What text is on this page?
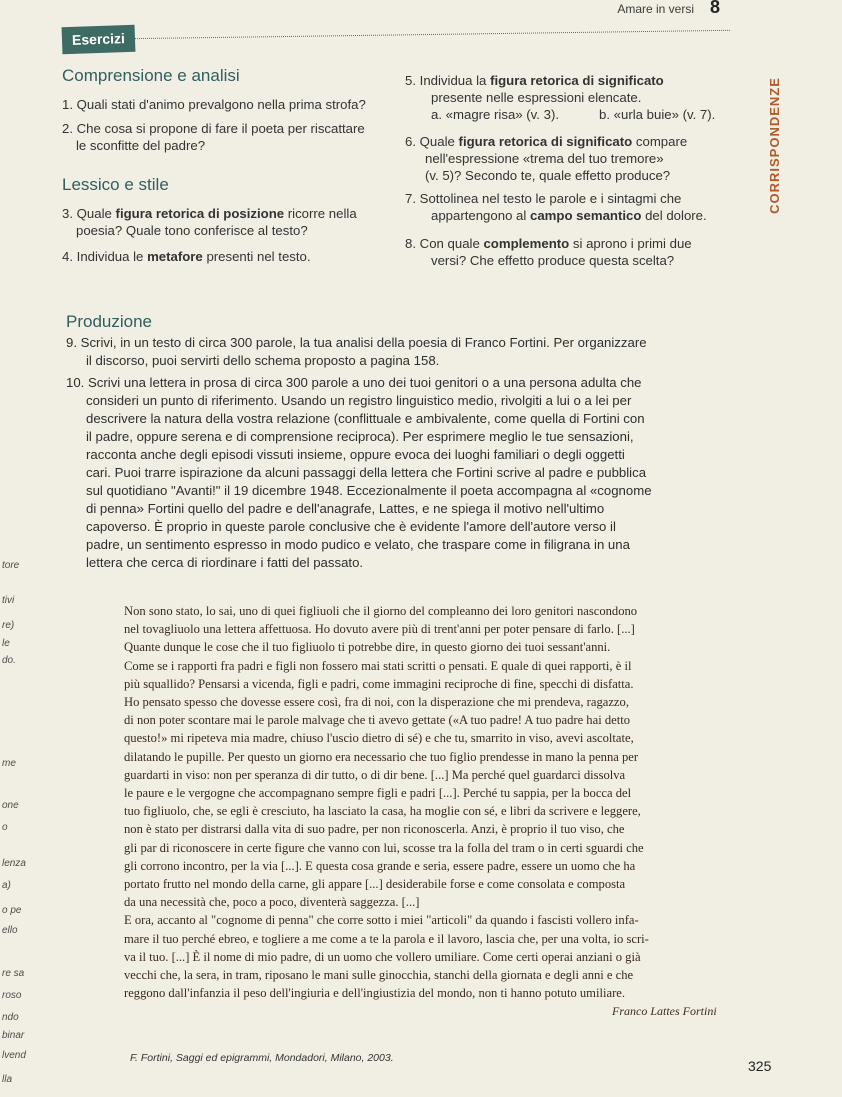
Amare in versi 8
Esercizi
CORRISPONDENZE
Comprensione e analisi
1. Quali stati d'animo prevalgono nella prima strofa?
2. Che cosa si propone di fare il poeta per riscattare
le sconfitte del padre?
Lessico e stile
3. Quale figura retorica di posizione ricorre nella
poesia? Quale tono conferisce al testo?
4. Individua le metafore presenti nel testo.
5. Individua la figura retorica di significato
presente nelle espressioni elencate.
a. «magre risa» (v. 3).	b. «urla buie» (v. 7).
6. Quale figura retorica di significato compare
nell'espressione «trema del tuo tremore»
(v. 5)? Secondo te, quale effetto produce?
7. Sottolinea nel testo le parole e i sintagmi che
appartengono al campo semantico del dolore.
8. Con quale complemento si aprono i primi due
versi? Che effetto produce questa scelta?
Produzione
9. Scrivi, in un testo di circa 300 parole, la tua analisi della poesia di Franco Fortini. Per organizzare
il discorso, puoi servirti dello schema proposto a pagina 158.
10. Scrivi una lettera in prosa di circa 300 parole a uno dei tuoi genitori o a una persona adulta che
consideri un punto di riferimento. Usando un registro linguistico medio, rivolgiti a lui o a lei per
descrivere la natura della vostra relazione (conflittuale e ambivalente, come quella di Fortini con
il padre, oppure serena e di comprensione reciproca). Per esprimere meglio le tue sensazioni,
racconta anche degli episodi vissuti insieme, oppure evoca dei luoghi familiari o degli oggetti
cari. Puoi trarre ispirazione da alcuni passaggi della lettera che Fortini scrive al padre e pubblica
sul quotidiano "Avanti!" il 19 dicembre 1948. Eccezionalmente il poeta accompagna al «cognome
di penna» Fortini quello del padre e dell'anagrafe, Lattes, e ne spiega il motivo nell'ultimo
capoverso. È proprio in queste parole conclusive che è evidente l'amore dell'autore verso il
padre, un sentimento espresso in modo pudico e velato, che traspare come in filigrana in una
lettera che cerca di riordinare i fatti del passato.

Non sono stato, lo sai, uno di quei figliuoli che il giorno del compleanno dei loro genitori nascondono

nel tovagliuolo una lettera affettuosa. Ho dovuto avere più di trent'anni per poter pensare di farlo. [...]

Quante dunque le cose che il tuo figliuolo ti potrebbe dire, in questo giorno dei tuoi sessant'anni.

Come se i rapporti fra padri e figli non fossero mai stati scritti o pensati. E quale di quei rapporti, è il

più squallido? Pensarsi a vicenda, figli e padri, come immagini reciproche di fine, specchi di disfatta.

Ho pensato spesso che dovesse essere così, fra di noi, con la disperazione che mi prendeva, ragazzo,

di non poter scontare mai le parole malvage che ti avevo gettate («A tuo padre! A tuo padre hai detto

questo!» mi ripeteva mia madre, chiuso l'uscio dietro di sé) e che tu, smarrito in viso, avevi ascoltate,

dilatando le pupille. Per questo un giorno era necessario che tuo figlio prendesse in mano la penna per

guardarti in viso: non per speranza di dir tutto, o di dir bene. [...] Ma perché quel guardarci dissolva

le paure e le vergogne che accompagnano sempre figli e padri [...]. Perché tu sappia, per la bocca del

tuo figliuolo, che, se egli è cresciuto, ha lasciato la casa, ha moglie con sé, e libri da scrivere e leggere,

non è stato per distrarsi dalla vita di suo padre, per non riconoscerla. Anzi, è proprio il tuo viso, che

gli par di riconoscere in certe figure che vanno con lui, scosse tra la folla del tram o in certi sguardi che

gli corrono incontro, per la via [...]. E questa cosa grande e seria, essere padre, essere un uomo che ha

portato frutto nel mondo della carne, gli appare [...] desiderabile forse e come consolata e composta

da una necessità che, poco a poco, diventerà saggezza. [...]

E ora, accanto al "cognome di penna" che corre sotto i miei "articoli" da quando i fascisti vollero infa-

mare il tuo perché ebreo, e togliere a me come a te la parola e il lavoro, lascia che, per una volta, io scri-

va il tuo. [...] È il nome di mio padre, di un uomo che vollero umiliare. Come certi operai anziani o già

vecchi che, la sera, in tram, riposano le mani sulle ginocchia, stanchi della giornata e degli anni e che

reggono dall'infanzia il peso dell'ingiuria e dell'ingiustizia del mondo, non ti hanno potuto umiliare.

Franco Lattes Fortini
F. Fortini, Saggi ed epigrammi, Mondadori, Milano, 2003.	325
tore
tivi
re)
le
do.
me
one
o
lenza
a)
o pe
ello
re sa
roso
ndo
binar
lvend
lla
